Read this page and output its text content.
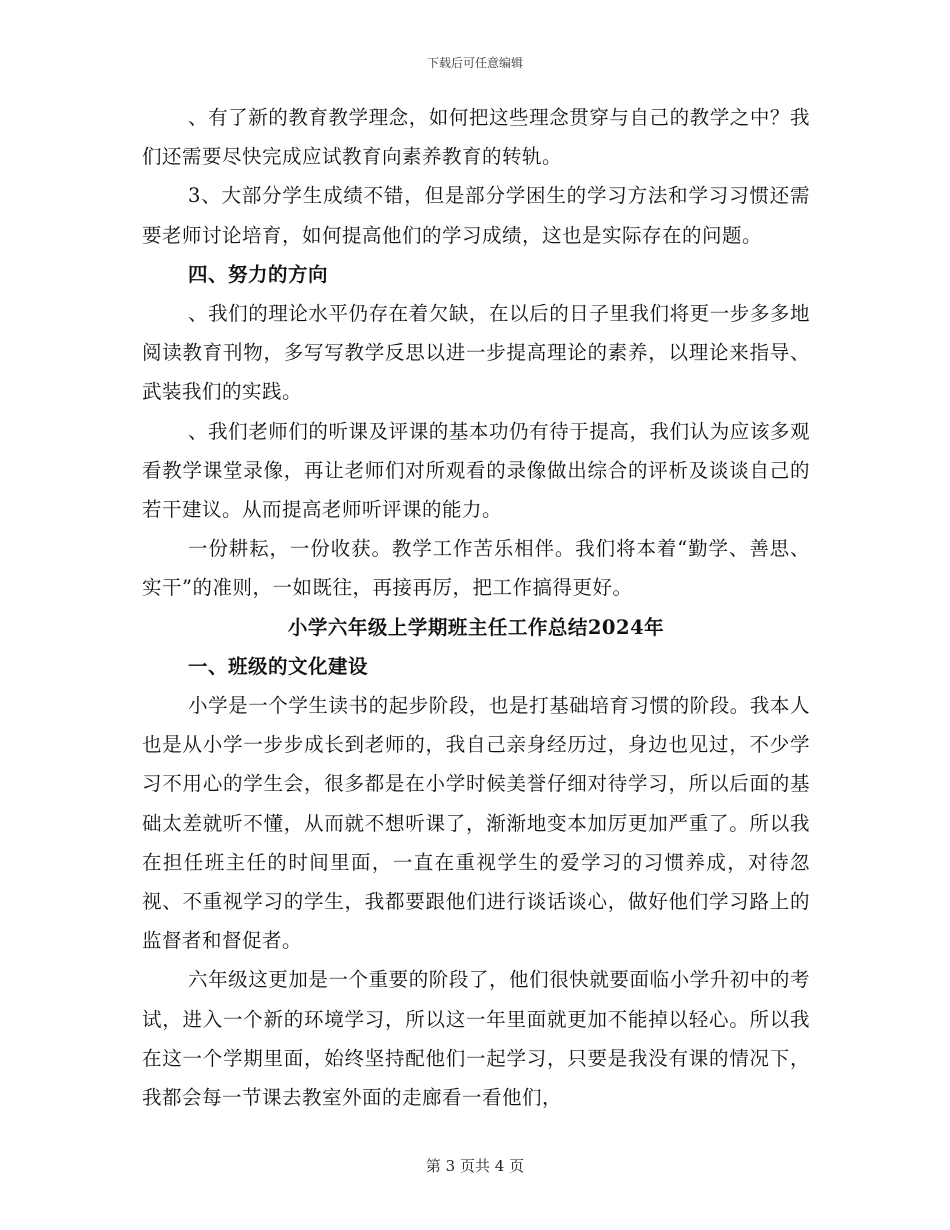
下载后可任意编辑

、有了新的教育教学理念，如何把这些理念贯穿与自己的教学之中？我们还需要尽快完成应试教育向素养教育的转轨。

3、大部分学生成绩不错，但是部分学困生的学习方法和学习习惯还需要老师讨论培育，如何提高他们的学习成绩，这也是实际存在的问题。

四、努力的方向

、我们的理论水平仍存在着欠缺，在以后的日子里我们将更一步多多地阅读教育刊物，多写写教学反思以进一步提高理论的素养，以理论来指导、武装我们的实践。

、我们老师们的听课及评课的基本功仍有待于提高，我们认为应该多观看教学课堂录像，再让老师们对所观看的录像做出综合的评析及谈谈自己的若干建议。从而提高老师听评课的能力。

一份耕耘，一份收获。教学工作苦乐相伴。我们将本着“勤学、善思、实干”的准则，一如既往，再接再厉，把工作搞得更好。

小学六年级上学期班主任工作总结2024年

一、班级的文化建设

小学是一个学生读书的起步阶段，也是打基础培育习惯的阶段。我本人也是从小学一步步成长到老师的，我自己亲身经历过，身边也见过，不少学习不用心的学生会，很多都是在小学时候美誉仔细对待学习，所以后面的基础太差就听不懂，从而就不想听课了，渐渐地变本加厉更加严重了。所以我在担任班主任的时间里面，一直在重视学生的爱学习的习惯养成，对待忽视、不重视学习的学生，我都要跟他们进行谈话谈心，做好他们学习路上的监督者和督促者。

六年级这更加是一个重要的阶段了，他们很快就要面临小学升初中的考试，进入一个新的环境学习，所以这一年里面就更加不能掉以轻心。所以我在这一个学期里面，始终坚持配他们一起学习，只要是我没有课的情况下，我都会每一节课去教室外面的走廊看一看他们，

第 3 页共 4 页
